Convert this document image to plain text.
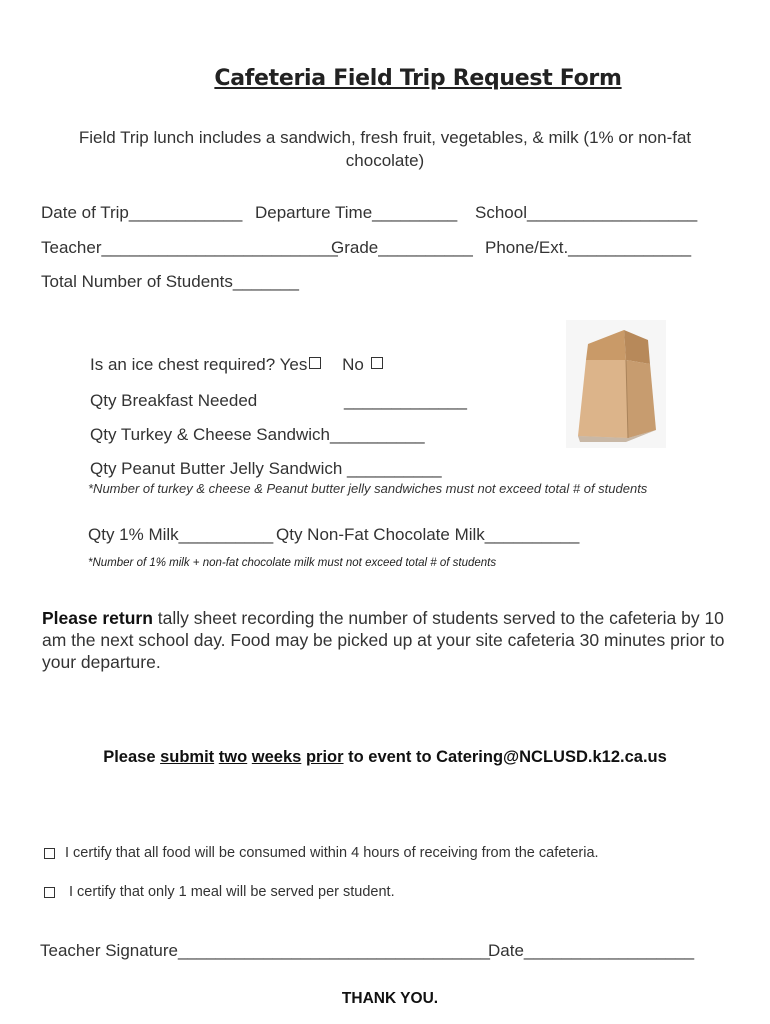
Cafeteria Field Trip Request Form
Field Trip lunch includes a sandwich, fresh fruit, vegetables, & milk (1% or non-fat chocolate)
Date of Trip____________ Departure Time_________ School__________________
Teacher_________________________
Grade__________ Phone/Ext._____________
Total Number of Students_______
Is an ice chest required? Yes No
Qty Breakfast Needed	_____________
Qty Turkey & Cheese Sandwich__________
Qty Peanut Butter Jelly Sandwich __________
*Number of turkey & cheese & Peanut butter jelly sandwiches must not exceed total # of students
Qty 1% Milk__________ Qty Non-Fat Chocolate Milk__________
*Number of 1% milk + non-fat chocolate milk must not exceed total # of students
Please return tally sheet recording the number of students served to the cafeteria by 10 am the next school day. Food may be picked up at your site cafeteria 30 minutes prior to your departure.
Please submit two weeks prior to event to Catering@NCLUSD.k12.ca.us
I certify that all food will be consumed within 4 hours of receiving from the cafeteria.
I certify that only 1 meal will be served per student.
Teacher Signature_________________________________
Date__________________
THANK YOU.
